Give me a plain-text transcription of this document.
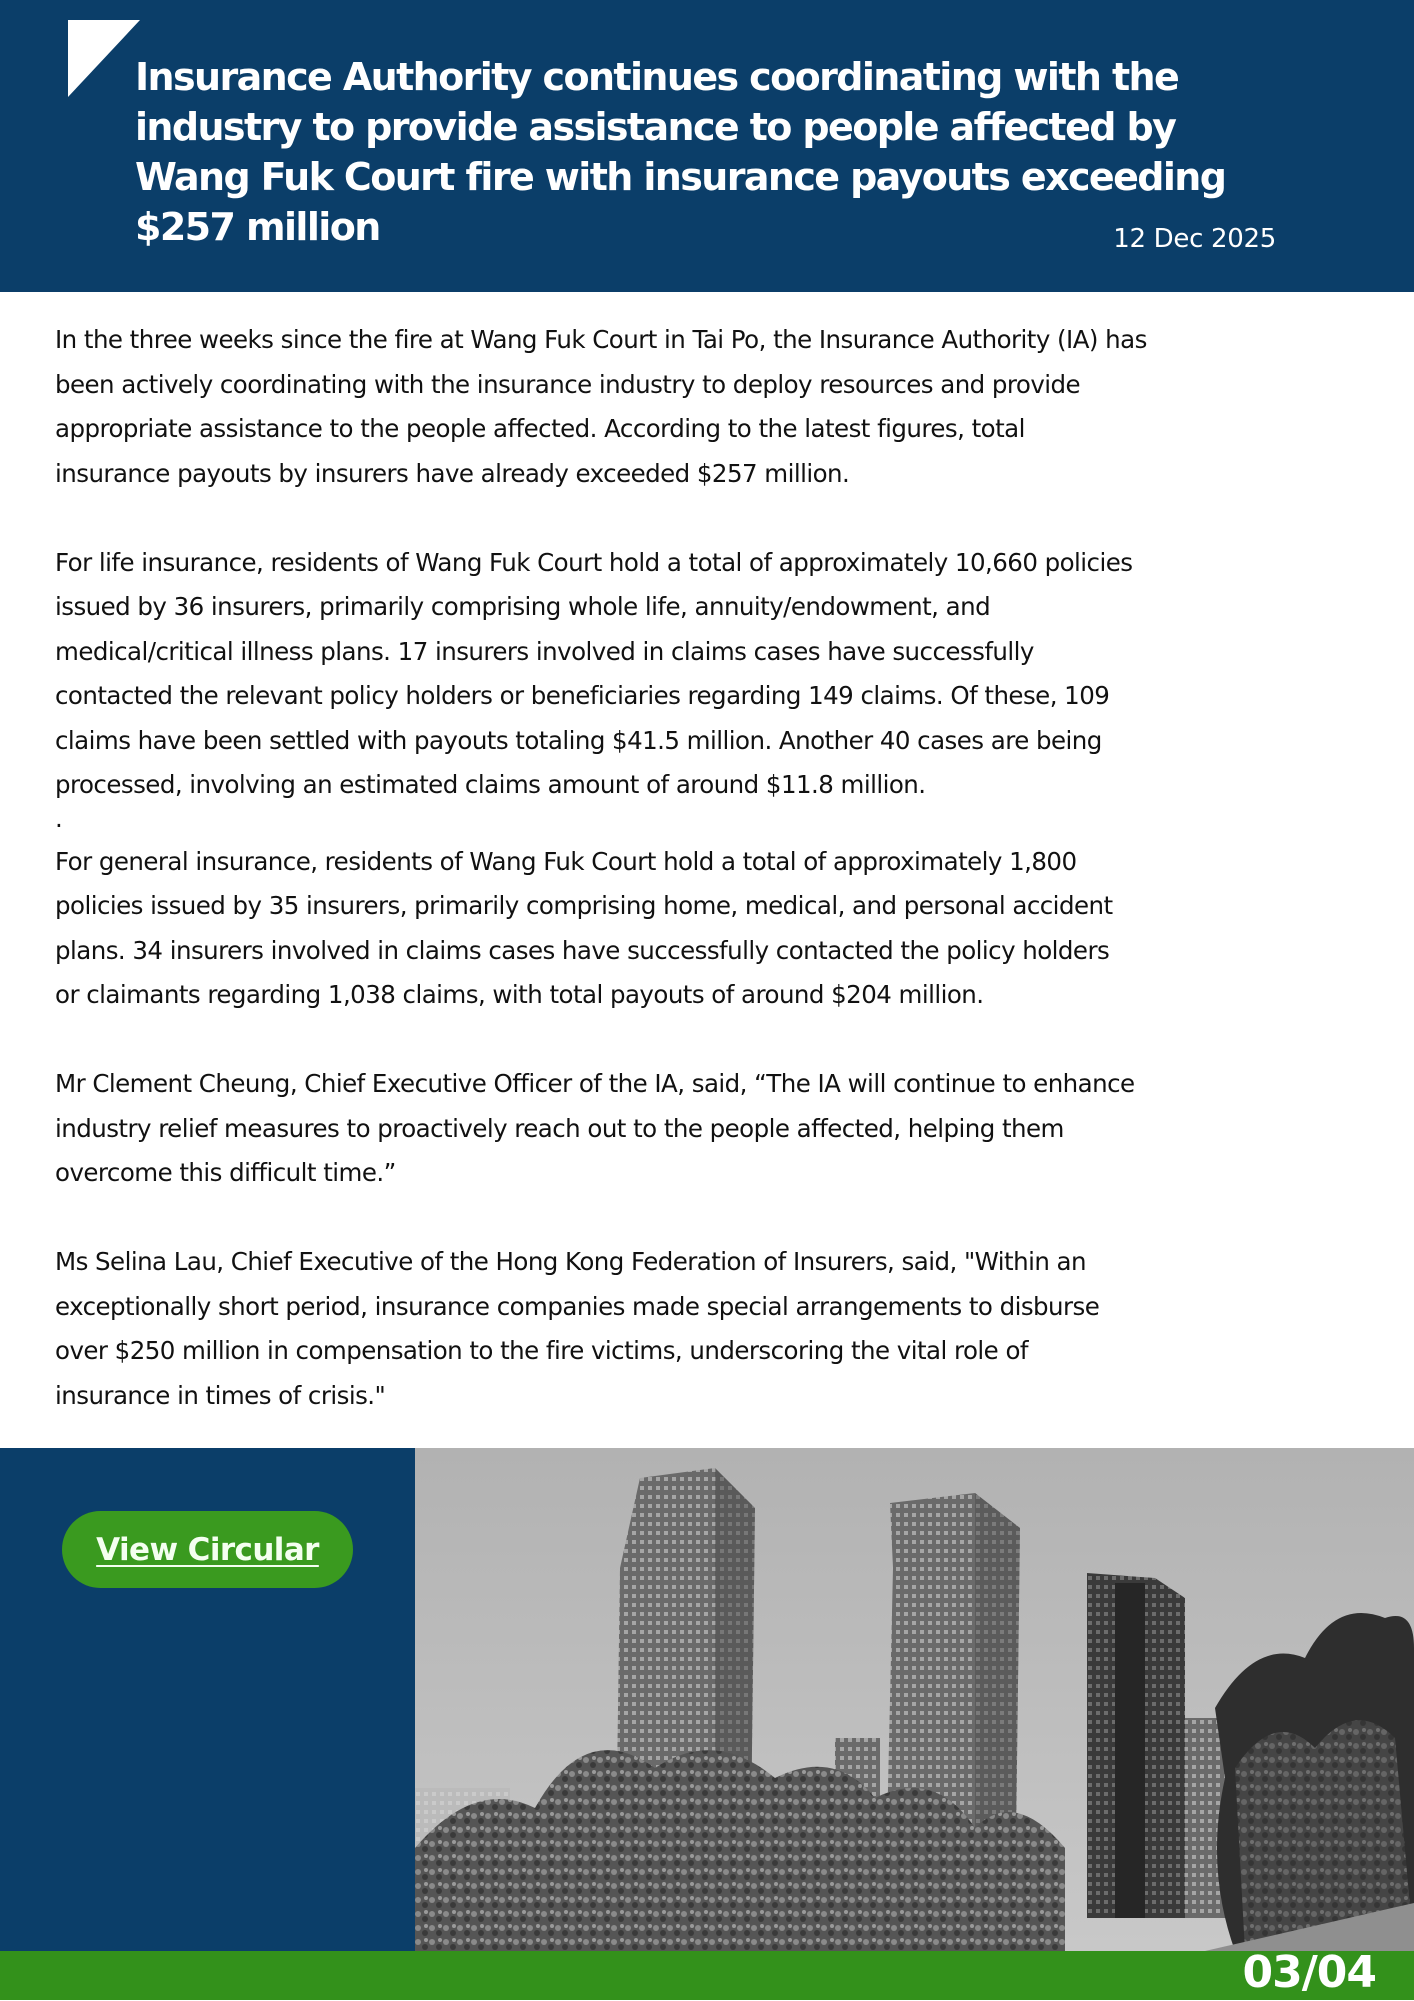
Insurance Authority continues coordinating with the
industry to provide assistance to people affected by
Wang Fuk Court fire with insurance payouts exceeding
$257 million	12 Dec 2025

In the three weeks since the fire at Wang Fuk Court in Tai Po, the Insurance Authority (IA) has
been actively coordinating with the insurance industry to deploy resources and provide
appropriate assistance to the people affected. According to the latest figures, total
insurance payouts by insurers have already exceeded $257 million.

For life insurance, residents of Wang Fuk Court hold a total of approximately 10,660 policies
issued by 36 insurers, primarily comprising whole life, annuity/endowment, and
medical/critical illness plans. 17 insurers involved in claims cases have successfully
contacted the relevant policy holders or beneficiaries regarding 149 claims. Of these, 109
claims have been settled with payouts totaling $41.5 million. Another 40 cases are being
processed, involving an estimated claims amount of around $11.8 million.

.

For general insurance, residents of Wang Fuk Court hold a total of approximately 1,800
policies issued by 35 insurers, primarily comprising home, medical, and personal accident
plans. 34 insurers involved in claims cases have successfully contacted the policy holders
or claimants regarding 1,038 claims, with total payouts of around $204 million.

Mr Clement Cheung, Chief Executive Officer of the IA, said, “The IA will continue to enhance
industry relief measures to proactively reach out to the people affected, helping them
overcome this difficult time.”

Ms Selina Lau, Chief Executive of the Hong Kong Federation of Insurers, said, "Within an
exceptionally short period, insurance companies made special arrangements to disburse
over $250 million in compensation to the fire victims, underscoring the vital role of
insurance in times of crisis."

View Circular
03/04
